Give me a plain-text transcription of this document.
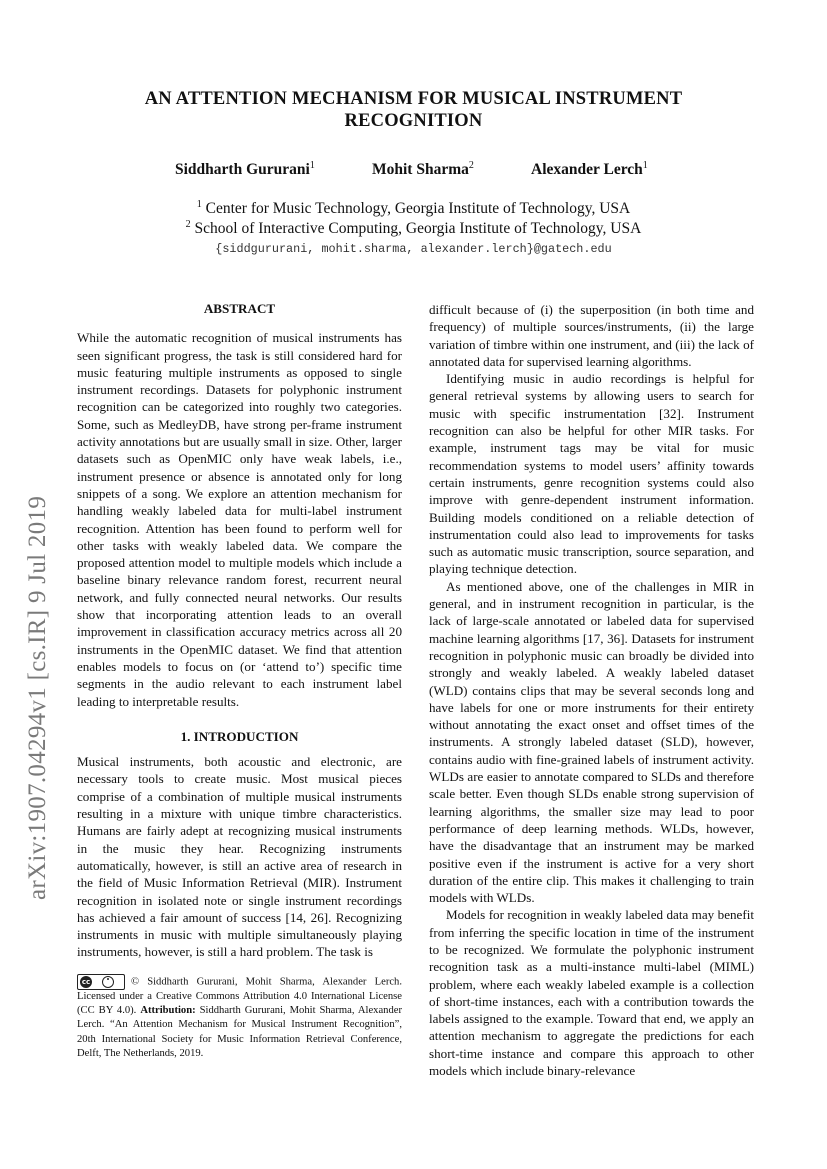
AN ATTENTION MECHANISM FOR MUSICAL INSTRUMENT RECOGNITION
Siddharth Gururani$^1$	Mohit Sharma$^2$	Alexander Lerch$^1$
$^1$ Center for Music Technology, Georgia Institute of Technology, USA
$^2$ School of Interactive Computing, Georgia Institute of Technology, USA
{siddgururani, mohit.sharma, alexander.lerch}@gatech.edu
arXiv:1907.04294v1 [cs.IR] 9 Jul 2019
ABSTRACT

While the automatic recognition of musical instruments has seen significant progress, the task is still considered hard for music featuring multiple instruments as opposed to single instrument recordings. Datasets for polyphonic instrument recognition can be categorized into roughly two categories. Some, such as MedleyDB, have strong per-frame instrument activity annotations but are usually small in size. Other, larger datasets such as OpenMIC only have weak labels, i.e., instrument presence or absence is annotated only for long snippets of a song. We explore an attention mechanism for handling weakly labeled data for multi-label instrument recognition. Attention has been found to perform well for other tasks with weakly labeled data. We compare the proposed attention model to multiple models which include a baseline binary relevance random forest, recurrent neural network, and fully connected neural networks. Our results show that incorporating attention leads to an overall improvement in classification accuracy metrics across all 20 instruments in the OpenMIC dataset. We find that attention enables models to focus on (or ‘attend to’) specific time segments in the audio relevant to each instrument label leading to interpretable results.

1. INTRODUCTION

Musical instruments, both acoustic and electronic, are necessary tools to create music. Most musical pieces comprise of a combination of multiple musical instruments resulting in a mixture with unique timbre characteristics. Humans are fairly adept at recognizing musical instruments in the music they hear. Recognizing instruments automatically, however, is still an active area of research in the field of Music Information Retrieval (MIR). Instrument recognition in isolated note or single instrument recordings has achieved a fair amount of success [14, 26]. Recognizing instruments in music with multiple simultaneously playing instruments, however, is still a hard problem. The task is

cc	© Siddharth Gururani, Mohit Sharma, Alexander Lerch. Licensed under a Creative Commons Attribution 4.0 International License (CC BY 4.0). Attribution: Siddharth Gururani, Mohit Sharma, Alexander Lerch. “An Attention Mechanism for Musical Instrument Recognition”, 20th International Society for Music Information Retrieval Conference, Delft, The Netherlands, 2019.

difficult because of (i) the superposition (in both time and frequency) of multiple sources/instruments, (ii) the large variation of timbre within one instrument, and (iii) the lack of annotated data for supervised learning algorithms.

Identifying music in audio recordings is helpful for general retrieval systems by allowing users to search for music with specific instrumentation [32]. Instrument recognition can also be helpful for other MIR tasks. For example, instrument tags may be vital for music recommendation systems to model users’ affinity towards certain instruments, genre recognition systems could also improve with genre-dependent instrument information. Building models conditioned on a reliable detection of instrumentation could also lead to improvements for tasks such as automatic music transcription, source separation, and playing technique detection.

As mentioned above, one of the challenges in MIR in general, and in instrument recognition in particular, is the lack of large-scale annotated or labeled data for supervised machine learning algorithms [17, 36]. Datasets for instrument recognition in polyphonic music can broadly be divided into strongly and weakly labeled. A weakly labeled dataset (WLD) contains clips that may be several seconds long and have labels for one or more instruments for their entirety without annotating the exact onset and offset times of the instruments. A strongly labeled dataset (SLD), however, contains audio with fine-grained labels of instrument activity. WLDs are easier to annotate compared to SLDs and therefore scale better. Even though SLDs enable strong supervision of learning algorithms, the smaller size may lead to poor performance of deep learning methods. WLDs, however, have the disadvantage that an instrument may be marked positive even if the instrument is active for a very short duration of the entire clip. This makes it challenging to train models with WLDs.

Models for recognition in weakly labeled data may benefit from inferring the specific location in time of the instrument to be recognized. We formulate the polyphonic instrument recognition task as a multi-instance multi-label (MIML) problem, where each weakly labeled example is a collection of short-time instances, each with a contribution towards the labels assigned to the example. Toward that end, we apply an attention mechanism to aggregate the predictions for each short-time instance and compare this approach to other models which include binary-relevance
